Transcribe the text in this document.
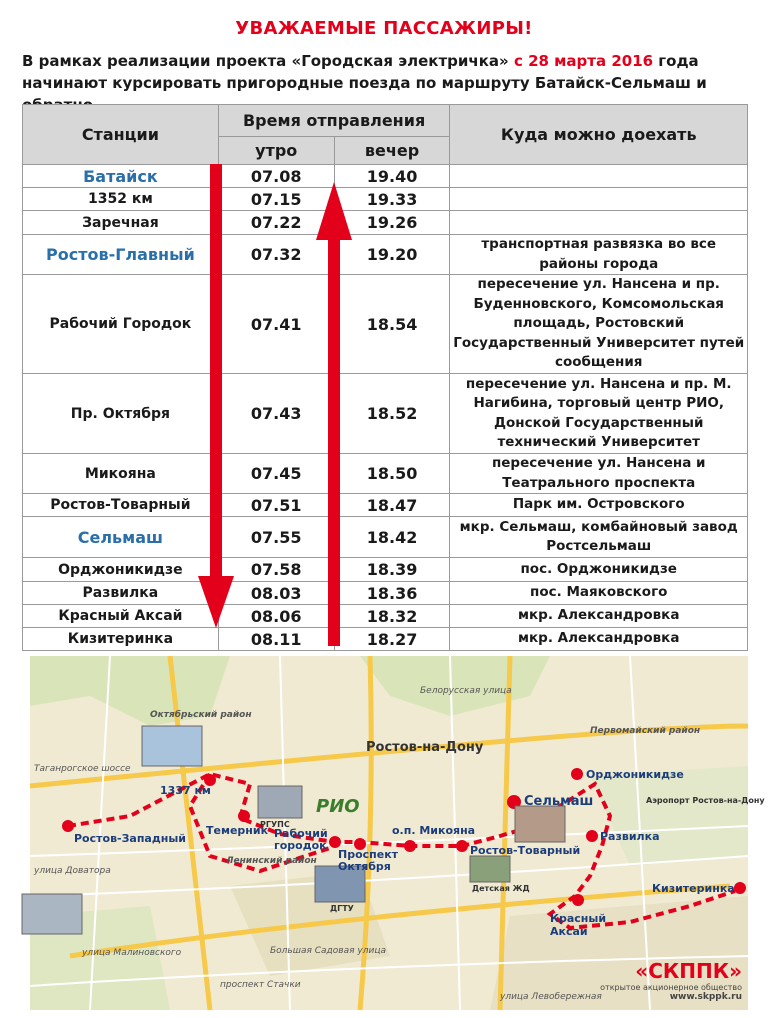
УВАЖАЕМЫЕ ПАССАЖИРЫ!
В рамках реализации проекта «Городская электричка» с 28 марта 2016 года начинают курсировать пригородные поезда по маршруту Батайск-Сельмаш и
Станции	Время отправления		Куда можно доехать
	утро	вечер	
Батайск	07.08	19.40	
1352 км	07.15	19.33	
Заречная	07.22	19.26	
Ростов-Главный	07.32	19.20	транспортная развязка во все районы города
Рабочий Городок	07.41	18.54	пересечение ул. Нансена и пр. Буденновского, Комсомольская площадь, Ростовский Государственный Университет путей сообщения
Пр. Октября	07.43	18.52	пересечение ул. Нансена и пр. М. Нагибина, торговый центр РИО, Донской Государственный технический Университет
Микояна	07.45	18.50	пересечение ул. Нансена и Театрального проспекта
Ростов-Товарный	07.51	18.47	Парк им. Островского
Сельмаш	07.55	18.42	мкр. Сельмаш, комбайновый завод Ростсельмаш
Орджоникидзе	07.58	18.39	пос. Орджоникидзе
Развилка	08.03	18.36	пос. Маяковского
Красный Аксай	08.06	18.32	мкр. Александровка
Кизитеринка	08.11	18.27	мкр. Александровка
Ростов-Западный
1337 км
Темерник Рабочий городок
Проспект Октября
о.п. Микояна
Ростов-Товарный
Сельмаш
Орджоникидзе
Развилка
Кизитеринка
Красный Аксай
Ростов-на-Дону
Октябрьский район
Ленинский район
Первомайский район
РИО
РГУПС
ДГТУ
Детская ЖД
Аэропорт Ростов-на-Дону
Таганрогское шоссе
улица Доватора
улица Малиновского
Белорусская улица
Большая Садовая улица
проспект Стачки
улица Левобережная
«СКППК»
открытое акционерное общество
www.skppk.ru
